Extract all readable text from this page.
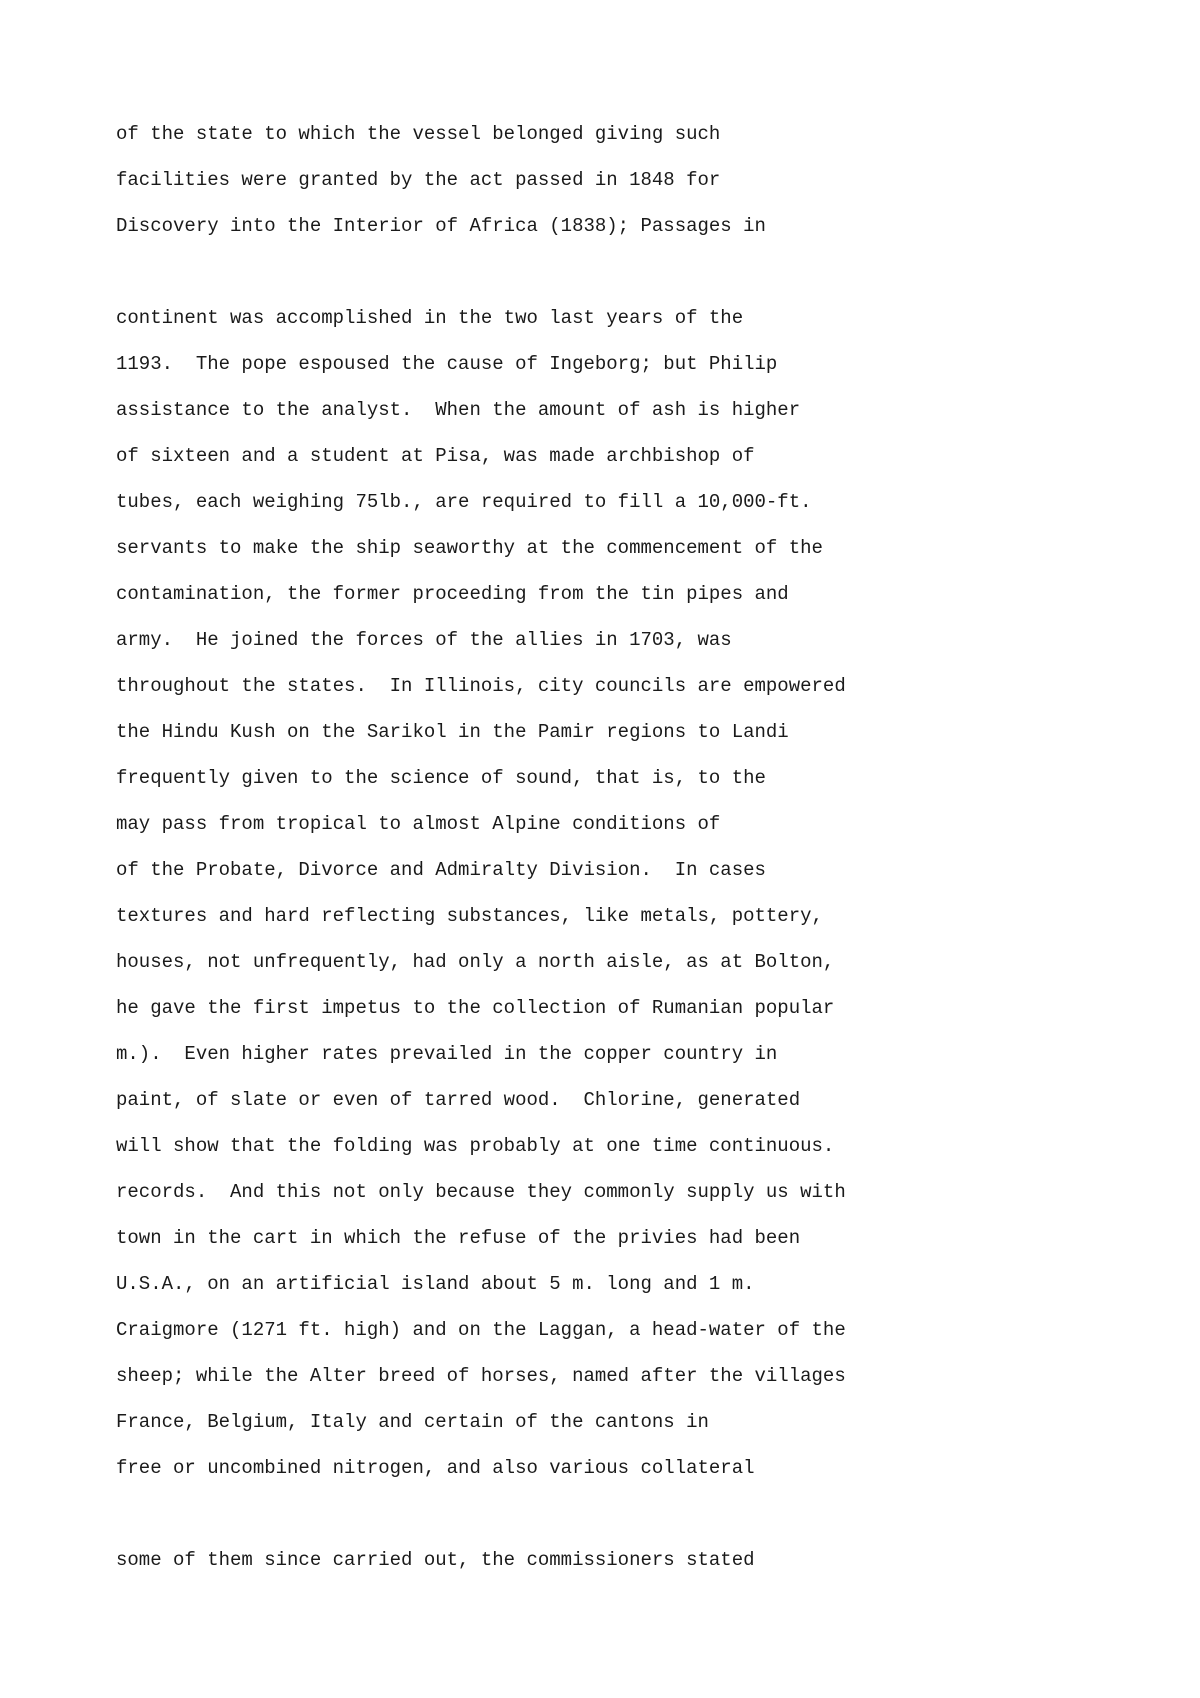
of the state to which the vessel belonged giving such
facilities were granted by the act passed in 1848 for
Discovery into the Interior of Africa (1838); Passages in
continent was accomplished in the two last years of the
1193.  The pope espoused the cause of Ingeborg; but Philip
assistance to the analyst.  When the amount of ash is higher
of sixteen and a student at Pisa, was made archbishop of
tubes, each weighing 75lb., are required to fill a 10,000-ft.
servants to make the ship seaworthy at the commencement of the
contamination, the former proceeding from the tin pipes and
army.  He joined the forces of the allies in 1703, was
throughout the states.  In Illinois, city councils are empowered
the Hindu Kush on the Sarikol in the Pamir regions to Landi
frequently given to the science of sound, that is, to the
may pass from tropical to almost Alpine conditions of
of the Probate, Divorce and Admiralty Division.  In cases
textures and hard reflecting substances, like metals, pottery,
houses, not unfrequently, had only a north aisle, as at Bolton,
he gave the first impetus to the collection of Rumanian popular
m.).  Even higher rates prevailed in the copper country in
paint, of slate or even of tarred wood.  Chlorine, generated
will show that the folding was probably at one time continuous.
records.  And this not only because they commonly supply us with
town in the cart in which the refuse of the privies had been
U.S.A., on an artificial island about 5 m. long and 1 m.
Craigmore (1271 ft. high) and on the Laggan, a head-water of the
sheep; while the Alter breed of horses, named after the villages
France, Belgium, Italy and certain of the cantons in
free or uncombined nitrogen, and also various collateral
some of them since carried out, the commissioners stated
